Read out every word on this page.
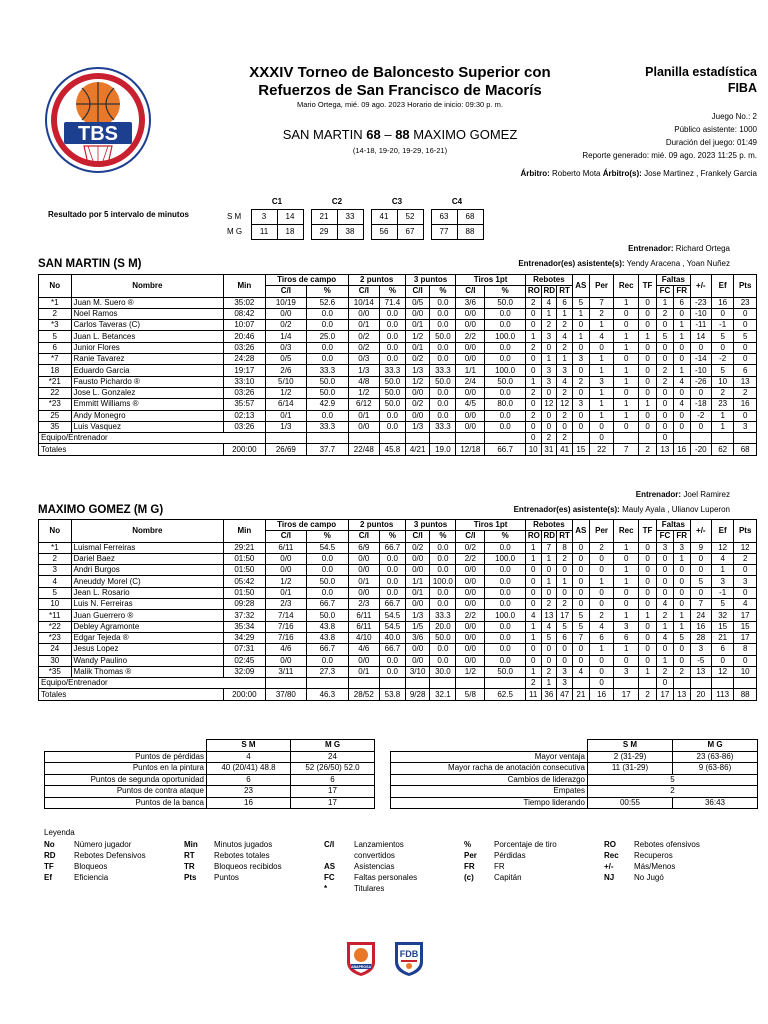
TBS
XXXIV Torneo de Baloncesto Superior con
Refuerzos de San Francisco de Macorís
Mario Ortega, mié. 09 ago. 2023 Horario de inicio: 09:30 p. m.
Planilla estadística
FIBA
Juego No.: 2
Público asistente: 1000
Duración del juego: 01:49
Reporte generado: mié. 09 ago. 2023 11:25 p. m.
SAN MARTIN 68 – 88 MAXIMO GOMEZ
(14-18, 19-20, 19-29, 16-21)
Árbitro: Roberto Mota Árbitro(s): Jose Martinez , Frankely Garcia
Resultado por 5 intervalo de minutos
	C1			C2			C3			C4	
S M	3	14		21	33		41	52		63	68
M G	11	18		29	38		56	67		77	88
Entrenador: Richard Ortega
Entrenador(es) asistente(s): Yendy Aracena , Yoan Nuñez
SAN MARTIN (S M)
No	Nombre	Min	Tiros de campo		2 puntos		3 puntos		Tiros 1pt		Rebotes			AS	Per	Rec	TF	Faltas		+/-	Ef	Pts
			C/I	%	C/I	%	C/I	%	C/I	%	RO	RD	RT					FC	FR			
*1	Juan M. Suero ®	35:02	10/19	52.6	10/14	71.4	0/5	0.0	3/6	50.0	2	4	6	5	7	1	0	1	6	-23	16	23
2	Noel Ramos	08:42	0/0	0.0	0/0	0.0	0/0	0.0	0/0	0.0	0	1	1	1	2	0	0	2	0	-10	0	0
*3	Carlos Taveras (C)	10:07	0/2	0.0	0/1	0.0	0/1	0.0	0/0	0.0	0	2	2	0	1	0	0	0	1	-11	-1	0
5	Juan L. Betances	20:46	1/4	25.0	0/2	0.0	1/2	50.0	2/2	100.0	1	3	4	1	4	1	1	5	1	14	5	5
6	Junior Flores	03:26	0/3	0.0	0/2	0.0	0/1	0.0	0/0	0.0	2	0	2	0	0	1	0	0	0	0	0	0
*7	Ranie Tavarez	24:28	0/5	0.0	0/3	0.0	0/2	0.0	0/0	0.0	0	1	1	3	1	0	0	0	0	-14	-2	0
18	Eduardo Garcia	19:17	2/6	33.3	1/3	33.3	1/3	33.3	1/1	100.0	0	3	3	0	1	1	0	2	1	-10	5	6
*21	Fausto Pichardo ®	33:10	5/10	50.0	4/8	50.0	1/2	50.0	2/4	50.0	1	3	4	2	3	1	0	2	4	-26	10	13
22	Jose L. Gonzalez	03:26	1/2	50.0	1/2	50.0	0/0	0.0	0/0	0.0	2	0	2	0	1	0	0	0	0	0	2	2
*23	Emmitt Williams ®	35:57	6/14	42.9	6/12	50.0	0/2	0.0	4/5	80.0	0	12	12	3	1	1	1	0	4	-18	23	16
25	Andy Monegro	02:13	0/1	0.0	0/1	0.0	0/0	0.0	0/0	0.0	2	0	2	0	1	1	0	0	0	-2	1	0
35	Luis Vasquez	03:26	1/3	33.3	0/0	0.0	1/3	33.3	0/0	0.0	0	0	0	0	0	0	0	0	0	0	1	3
Equipo/Entrenador											0	2	2		0			0				
Totales		200:00	26/69	37.7	22/48	45.8	4/21	19.0	12/18	66.7	10	31	41	15	22	7	2	13	16	-20	62	68
Entrenador: Joel Ramirez
Entrenador(es) asistente(s): Mauly Ayala , Ulianov Luperon
MAXIMO GOMEZ (M G)
No	Nombre	Min	Tiros de campo		2 puntos		3 puntos		Tiros 1pt		Rebotes			AS	Per	Rec	TF	Faltas		+/-	Ef	Pts
			C/I	%	C/I	%	C/I	%	C/I	%	RO	RD	RT					FC	FR			
*1	Luismal Ferreiras	29:21	6/11	54.5	6/9	66.7	0/2	0.0	0/2	0.0	1	7	8	0	2	1	0	3	3	9	12	12
2	Dariel Baez	01:50	0/0	0.0	0/0	0.0	0/0	0.0	2/2	100.0	1	1	2	0	0	0	0	0	1	0	4	2
3	Andri Burgos	01:50	0/0	0.0	0/0	0.0	0/0	0.0	0/0	0.0	0	0	0	0	0	1	0	0	0	0	1	0
4	Aneuddy Morel (C)	05:42	1/2	50.0	0/1	0.0	1/1	100.0	0/0	0.0	0	1	1	0	1	1	0	0	0	5	3	3
5	Jean L. Rosario	01:50	0/1	0.0	0/0	0.0	0/1	0.0	0/0	0.0	0	0	0	0	0	0	0	0	0	0	-1	0
10	Luis N. Ferreiras	09:28	2/3	66.7	2/3	66.7	0/0	0.0	0/0	0.0	0	2	2	0	0	0	0	4	0	7	5	4
*11	Juan Guerrero ®	37:32	7/14	50.0	6/11	54.5	1/3	33.3	2/2	100.0	4	13	17	5	2	1	1	2	1	24	32	17
*22	Debley Agramonte	35:34	7/16	43.8	6/11	54.5	1/5	20.0	0/0	0.0	1	4	5	5	4	3	0	1	1	16	15	15
*23	Edgar Tejeda ®	34:29	7/16	43.8	4/10	40.0	3/6	50.0	0/0	0.0	1	5	6	7	6	6	0	4	5	28	21	17
24	Jesus Lopez	07:31	4/6	66.7	4/6	66.7	0/0	0.0	0/0	0.0	0	0	0	0	1	1	0	0	0	3	6	8
30	Wandy Paulino	02:45	0/0	0.0	0/0	0.0	0/0	0.0	0/0	0.0	0	0	0	0	0	0	0	1	0	-5	0	0
*35	Malik Thomas ®	32:09	3/11	27.3	0/1	0.0	3/10	30.0	1/2	50.0	1	2	3	4	0	3	1	2	2	13	12	10
Equipo/Entrenador											2	1	3		0			0				
Totales		200:00	37/80	46.3	28/52	53.8	9/28	32.1	5/8	62.5	11	36	47	21	16	17	2	17	13	20	113	88
	S M	M G
Puntos de pérdidas	4	24
Puntos en la pintura	40 (20/41) 48.8	52 (26/50) 52.0
Puntos de segunda oportunidad	6	6
Puntos de contra ataque	23	17
Puntos de la banca	16	17
	S M	M G
Mayor ventaja	2 (31-29)	23 (63-86)
Mayor racha de anotación consecutiva	11 (31-29)	9 (63-86)
Cambios de liderazgo	5	
Empates	2	
Tiempo liderando	00:55	36:43
Leyenda
No	Número jugador	Min	Minutos jugados	C/I	Lanzamientos	%	Porcentaje de tiro	RO	Rebotes ofensivos
RD	Rebotes Defensivos	RT	Rebotes totales		convertidos	Per	Pérdidas	Rec	Recuperos
TF	Bloqueos	TR	Bloqueos recibidos	AS	Asistencias	FR	FR	+/-	Más/Menos
Ef	Eficiencia	Pts	Puntos	FC	Faltas personales	(c)	Capitán	NJ	No Jugó
				*	Titulares				
ABAPROSA
FDB
